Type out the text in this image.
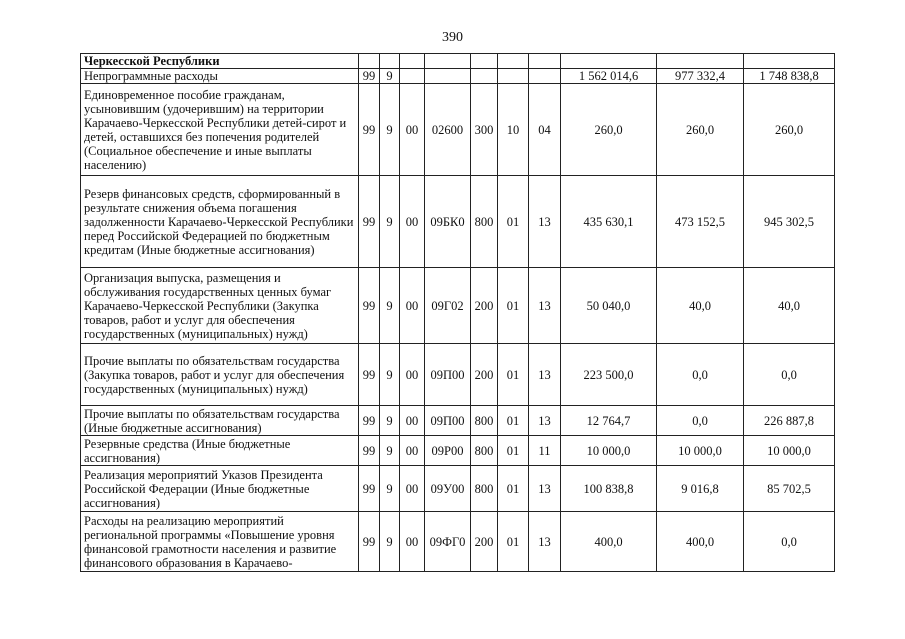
390
Черкесской Республики										
Непрограммные расходы	99	9						1 562 014,6	977 332,4	1 748 838,8
Единовременное пособие гражданам, усыновившим (удочерившим) на территории Карачаево-Черкесской Республики детей-сирот и детей, оставшихся без попечения родителей (Социальное обеспечение и иные выплаты населению)	99	9	00	02600	300	10	04	260,0	260,0	260,0
Резерв финансовых средств, сформированный в результате снижения объема погашения задолженности Карачаево-Черкесской Республики перед Российской Федерацией по бюджетным кредитам (Иные бюджетные ассигнования)	99	9	00	09БК0	800	01	13	435 630,1	473 152,5	945 302,5
Организация выпуска, размещения и обслуживания государственных ценных бумаг Карачаево-Черкесской Республики (Закупка товаров, работ и услуг для обеспечения государственных (муниципальных) нужд)	99	9	00	09Г02	200	01	13	50 040,0	40,0	40,0
Прочие выплаты по обязательствам государства (Закупка товаров, работ и услуг для обеспечения государственных (муниципальных) нужд)	99	9	00	09П00	200	01	13	223 500,0	0,0	0,0
Прочие выплаты по обязательствам государства (Иные бюджетные ассигнования)	99	9	00	09П00	800	01	13	12 764,7	0,0	226 887,8
Резервные средства (Иные бюджетные ассигнования)	99	9	00	09Р00	800	01	11	10 000,0	10 000,0	10 000,0
Реализация мероприятий Указов Президента Российской Федерации (Иные бюджетные ассигнования)	99	9	00	09У00	800	01	13	100 838,8	9 016,8	85 702,5
Расходы на реализацию мероприятий региональной программы «Повышение уровня финансовой грамотности населения и развитие финансового образования в Карачаево-	99	9	00	09ФГ0	200	01	13	400,0	400,0	0,0
